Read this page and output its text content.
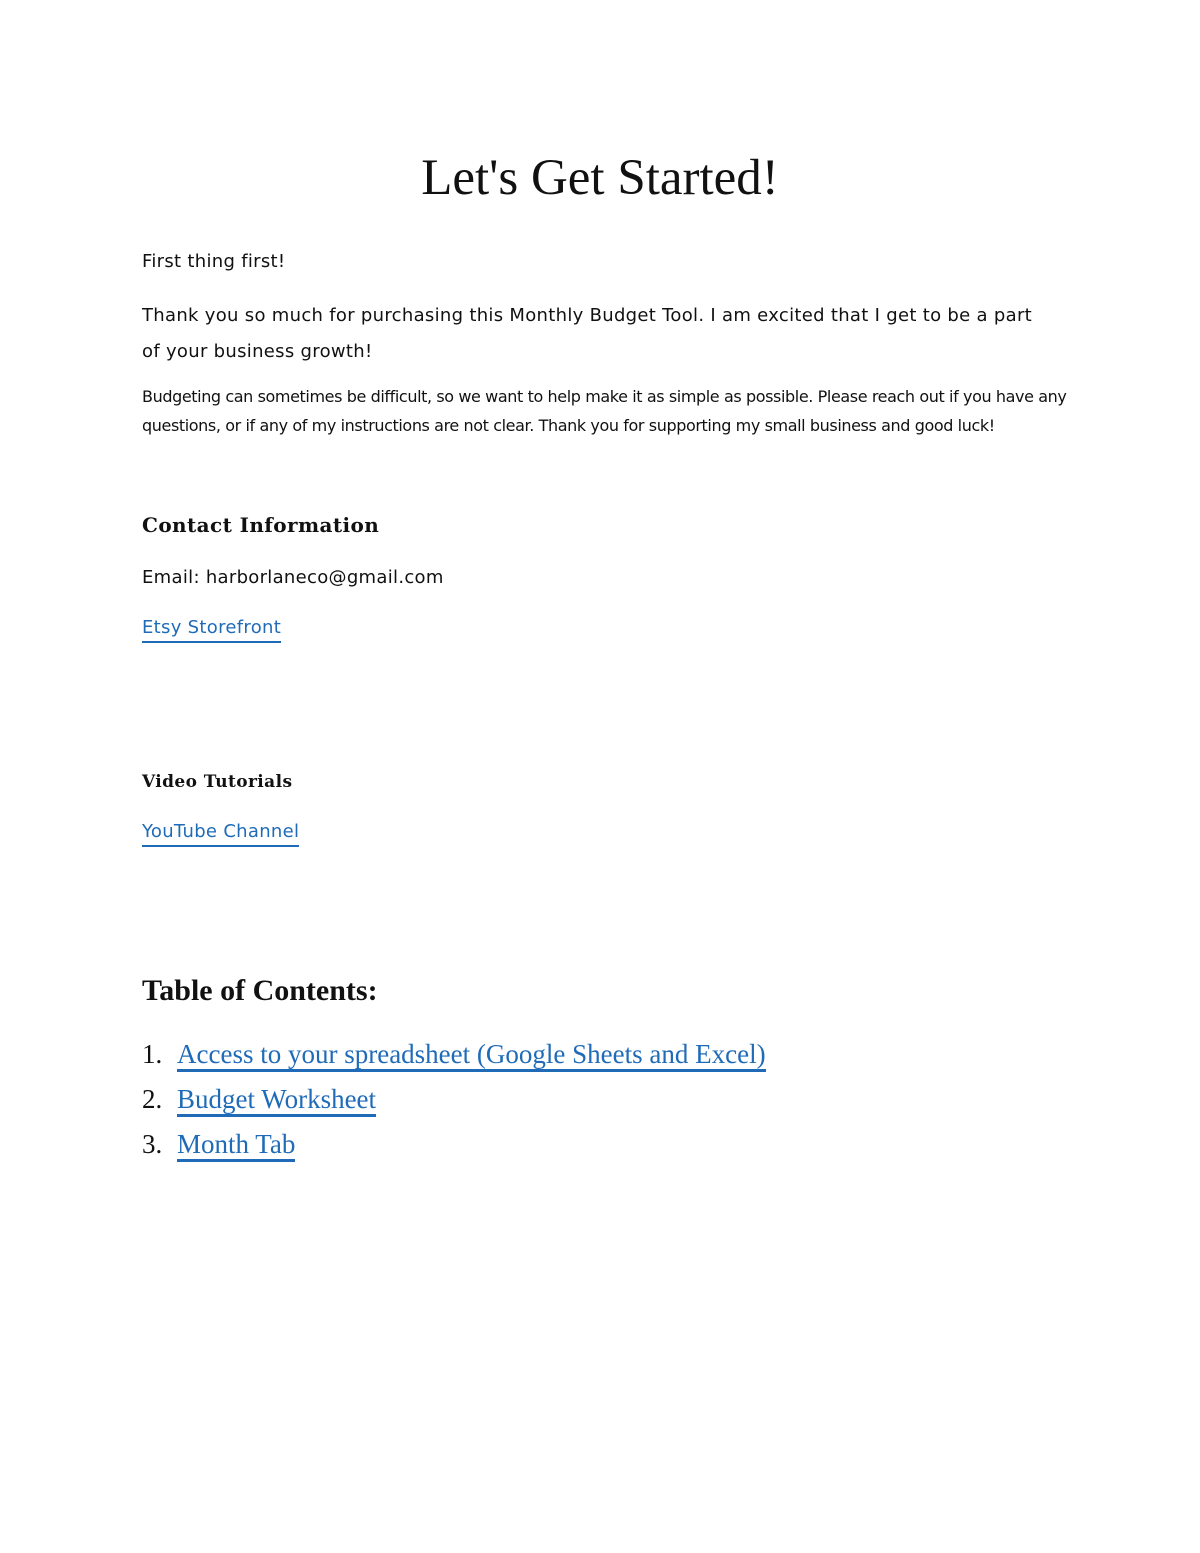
Let's Get Started!

First thing first!

Thank you so much for purchasing this Monthly Budget Tool. I am excited that I get to be a part of your business growth!

Budgeting can sometimes be difficult, so we want to help make it as simple as possible. Please reach out if you have any questions, or if any of my instructions are not clear. Thank you for supporting my small business and good luck!

Contact Information

Email: harborlaneco@gmail.com

Etsy Storefront
Video Tutorials
YouTube Channel
Table of Contents:
1. Access to your spreadsheet (Google Sheets and Excel)
2. Budget Worksheet
3. Month Tab
